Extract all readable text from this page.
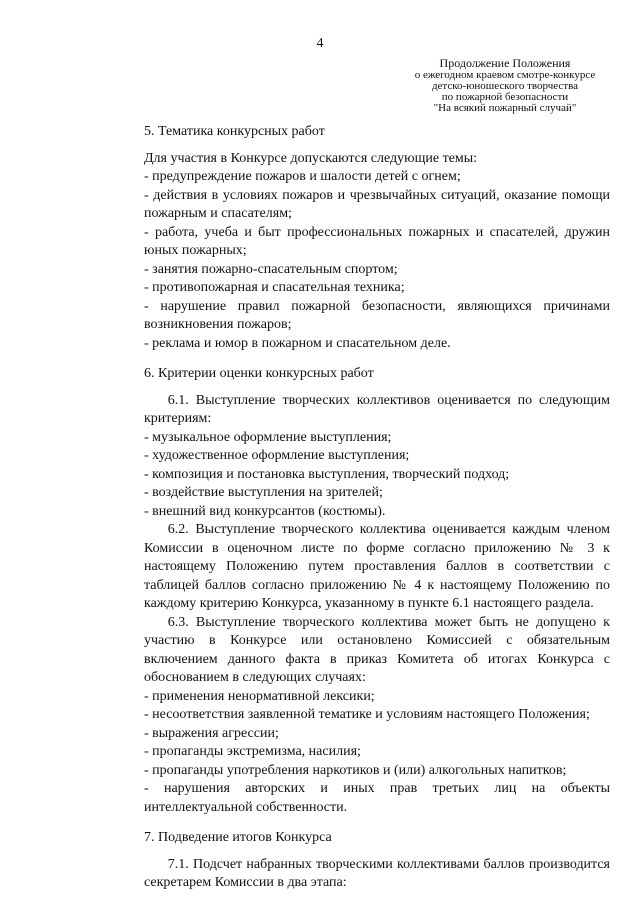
4
Продолжение Положения
о ежегодном краевом смотре-конкурсе
детско-юношеского творчества
по пожарной безопасности
"На всякий пожарный случай"

5. Тематика конкурсных работ

Для участия в Конкурсе допускаются следующие темы:

- предупреждение пожаров и шалости детей с огнем;

- действия в условиях пожаров и чрезвычайных ситуаций, оказание помощи пожарным и спасателям;

- работа, учеба и быт профессиональных пожарных и спасателей, дружин юных пожарных;

- занятия пожарно-спасательным спортом;

- противопожарная и спасательная техника;

- нарушение правил пожарной безопасности, являющихся причинами возникновения пожаров;

- реклама и юмор в пожарном и спасательном деле.

6. Критерии оценки конкурсных работ

6.1. Выступление творческих коллективов оценивается по следующим критериям:

- музыкальное оформление выступления;

- художественное оформление выступления;

- композиция и постановка выступления, творческий подход;

- воздействие выступления на зрителей;

- внешний вид конкурсантов (костюмы).

6.2. Выступление творческого коллектива оценивается каждым членом Комиссии в оценочном листе по форме согласно приложению № 3 к настоящему Положению путем проставления баллов в соответствии с таблицей баллов согласно приложению № 4 к настоящему Положению по каждому критерию Конкурса, указанному в пункте 6.1 настоящего раздела.

6.3. Выступление творческого коллектива может быть не допущено к участию в Конкурсе или остановлено Комиссией с обязательным включением данного факта в приказ Комитета об итогах Конкурса с обоснованием в следующих случаях:

- применения ненормативной лексики;

- несоответствия заявленной тематике и условиям настоящего Положения;

- выражения агрессии;

- пропаганды экстремизма, насилия;

- пропаганды употребления наркотиков и (или) алкогольных напитков;

- нарушения авторских и иных прав третьих лиц на объекты интеллектуальной собственности.

7. Подведение итогов Конкурса

7.1. Подсчет набранных творческими коллективами баллов производится секретарем Комиссии в два этапа:
